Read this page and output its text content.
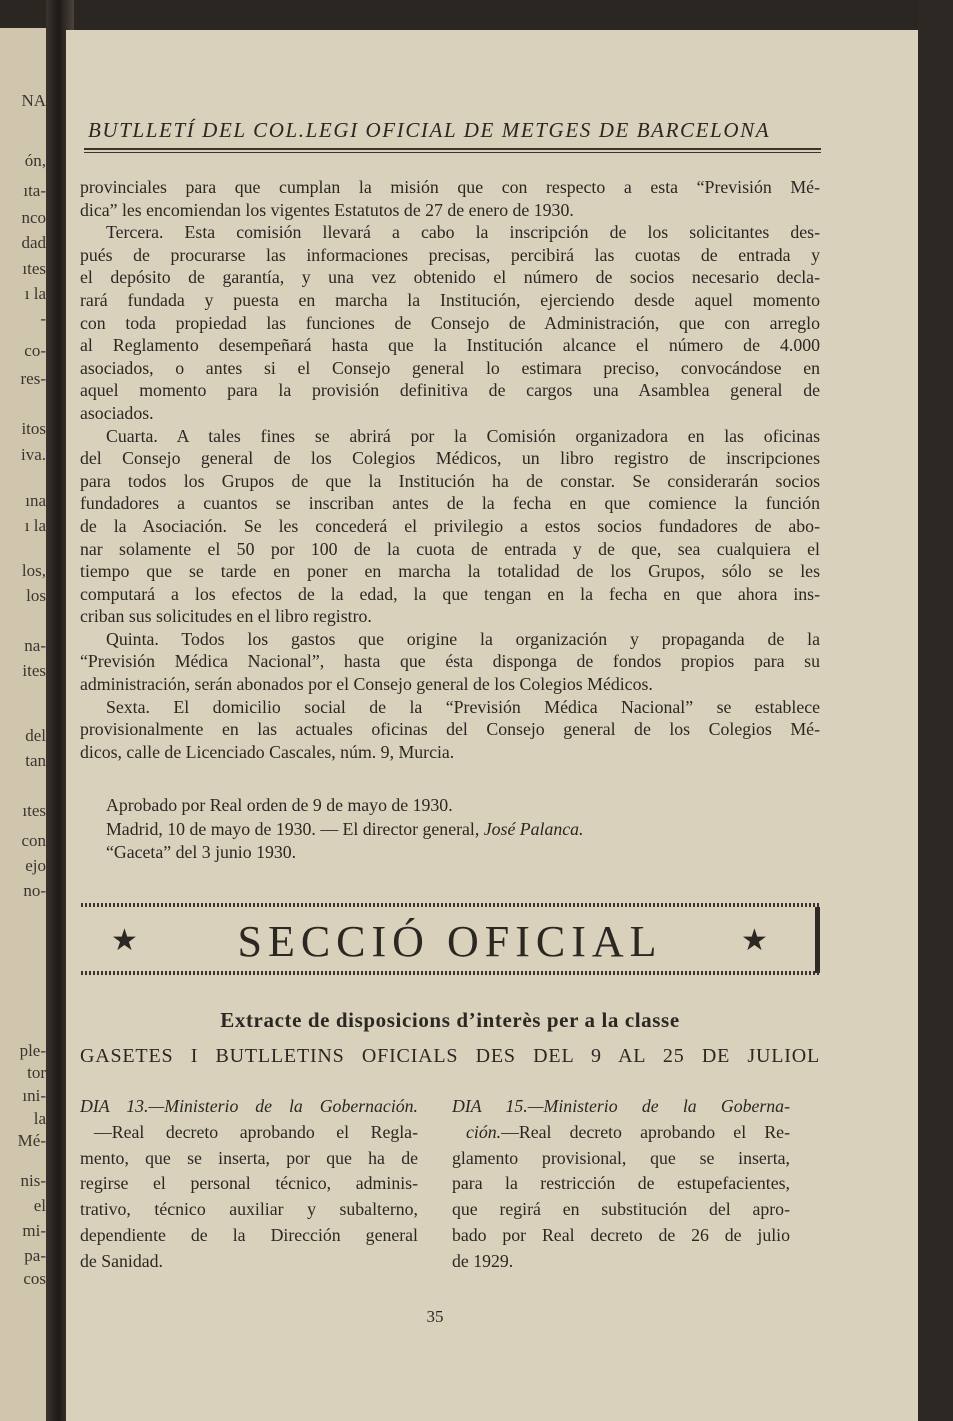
NA
ón,
ıta-
nco
dad
ıtes
ı la
-
co-
res-
itos
iva.
ına
ı la
los,
los
na-
ites
del
tan
ıtes
con
ejo
no-
ple-
tor
ıni-
la
Mé-
nis-
el
mi-
pa-
cos
BUTLLETÍ DEL COL.LEGI OFICIAL DE METGES DE BARCELONA
provinciales para que cumplan la misión que con respecto a esta “Previsión Mé-
dica” les encomiendan los vigentes Estatutos de 27 de enero de 1930.
Tercera. Esta comisión llevará a cabo la inscripción de los solicitantes des-
pués de procurarse las informaciones precisas, percibirá las cuotas de entrada y
el depósito de garantía, y una vez obtenido el número de socios necesario decla-
rará fundada y puesta en marcha la Institución, ejerciendo desde aquel momento
con toda propiedad las funciones de Consejo de Administración, que con arreglo
al Reglamento desempeñará hasta que la Institución alcance el número de 4.000
asociados, o antes si el Consejo general lo estimara preciso, convocándose en
aquel momento para la provisión definitiva de cargos una Asamblea general de
asociados.
Cuarta. A tales fines se abrirá por la Comisión organizadora en las oficinas
del Consejo general de los Colegios Médicos, un libro registro de inscripciones
para todos los Grupos de que la Institución ha de constar. Se considerarán socios
fundadores a cuantos se inscriban antes de la fecha en que comience la función
de la Asociación. Se les concederá el privilegio a estos socios fundadores de abo-
nar solamente el 50 por 100 de la cuota de entrada y de que, sea cualquiera el
tiempo que se tarde en poner en marcha la totalidad de los Grupos, sólo se les
computará a los efectos de la edad, la que tengan en la fecha en que ahora ins-
criban sus solicitudes en el libro registro.
Quinta. Todos los gastos que origine la organización y propaganda de la
“Previsión Médica Nacional”, hasta que ésta disponga de fondos propios para su
administración, serán abonados por el Consejo general de los Colegios Médicos.
Sexta. El domicilio social de la “Previsión Médica Nacional” se establece
provisionalmente en las actuales oficinas del Consejo general de los Colegios Mé-
dicos, calle de Licenciado Cascales, núm. 9, Murcia.
Aprobado por Real orden de 9 de mayo de 1930.
Madrid, 10 de mayo de 1930. — El director general, José Palanca.
“Gaceta” del 3 junio 1930.
★	SECCIÓ OFICIAL	★
Extracte de disposicions d’interès per a la classe
GASETES I BUTLLETINS OFICIALS DES DEL 9 AL 25 DE JULIOL
DIA 13.—Ministerio de la Gobernación.
—Real decreto aprobando el Regla-
mento, que se inserta, por que ha de
regirse el personal técnico, adminis-
trativo, técnico auxiliar y subalterno,
dependiente de la Dirección general
de Sanidad.
DIA 15.—Ministerio de la Goberna-
ción.—Real decreto aprobando el Re-
glamento provisional, que se inserta,
para la restricción de estupefacientes,
que regirá en substitución del apro-
bado por Real decreto de 26 de julio
de 1929.
35
